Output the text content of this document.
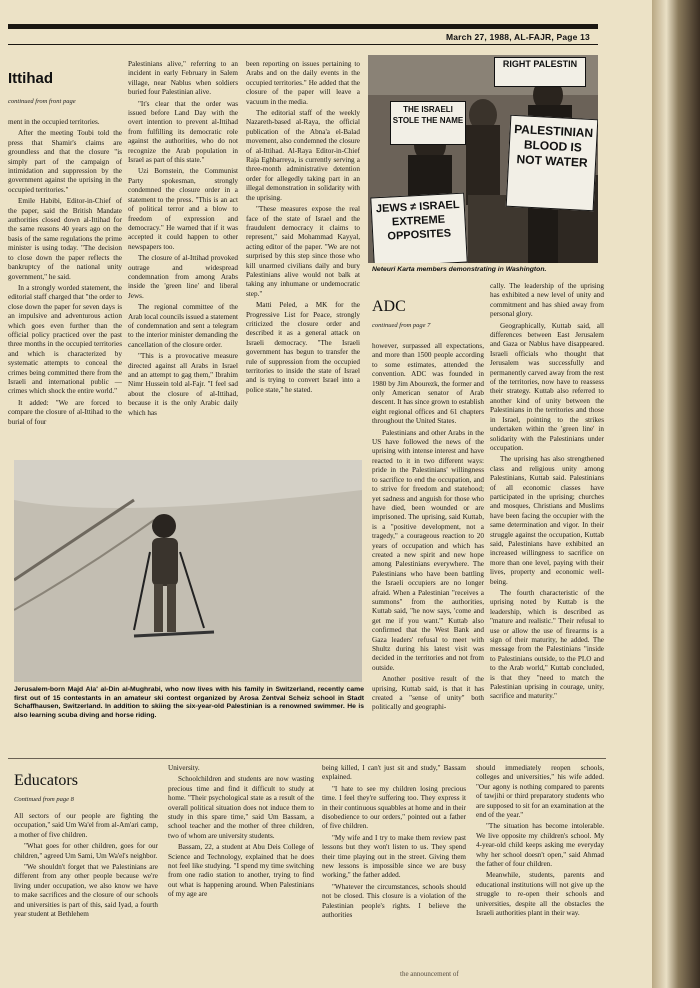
March 27, 1988, AL-FAJR, Page 13
Ittihad
continued from front page

ment in the occupied territories.

After the meeting Toubi told the press that Shamir's claims are groundless and that the closure "is simply part of the campaign of intimidation and suppression by the government against the uprising in the occupied territories."

Emile Habibi, Editor-in-Chief of the paper, said the British Mandate authorities closed down al-Ittihad for the same reasons 40 years ago on the basis of the same regulations the prime minister is using today. "The decision to close down the paper reflects the bankruptcy of the national unity government," he said.

In a strongly worded statement, the editorial staff charged that "the order to close down the paper for seven days is an impulsive and adventurous action which goes even further than the official policy practiced over the past three months in the occupied territories and which is characterized by systematic attempts to conceal the crimes being committed there from the Israeli and international public — crimes which shock the entire world."

It added: "We are forced to compare the closure of al-Ittihad to the burial of four

Palestinians alive," referring to an incident in early February in Salem village, near Nablus when soldiers buried four Palestinian alive.

"It's clear that the order was issued before Land Day with the overt intention to prevent al-Ittihad from fulfilling its democratic role against the authorities, who do not recognize the Arab population in Israel as part of this state."

Uzi Bornstein, the Communist Party spokesman, strongly condemned the closure order in a statement to the press. "This is an act of political terror and a blow to freedom of expression and democracy." He warned that if it was accepted it could happen to other newspapers too.

The closure of al-Ittihad provoked outrage and widespread condemnation from among Arabs inside the 'green line' and liberal Jews.

The regional committee of the Arab local councils issued a statement of condemnation and sent a telegram to the interior minister demanding the cancellation of the closure order.

"This is a provocative measure directed against all Arabs in Israel and an attempt to gag them," Ibrahim Nimr Hussein told al-Fajr. "I feel sad about the closure of al-Ittihad, because it is the only Arabic daily which has

been reporting on issues pertaining to Arabs and on the daily events in the occupied territories." He added that the closure of the paper will leave a vacuum in the media.

The editorial staff of the weekly Nazareth-based al-Raya, the official publication of the Abna'a el-Balad movement, also condemned the closure of al-Ittihad. Al-Raya Editor-in-Chief Raja Eghbarreya, is currently serving a three-month administrative detention order for allegedly taking part in an illegal demonstration in solidarity with the uprising.

"These measures expose the real face of the state of Israel and the fraudulent democracy it claims to represent," said Mohammad Kayyal, acting editor of the paper. "We are not surprised by this step since those who kill unarmed civilians daily and bury Palestinians alive would not balk at taking any inhumane or undemocratic step."

Matti Peled, a MK for the Progressive List for Peace, strongly criticized the closure order and described it as a general attack on Israeli democracy. "The Israeli government has begun to transfer the rule of suppression from the occupied territories to inside the state of Israel and is trying to convert Israel into a police state," he stated.

JEWS ≠ ISRAEL EXTREME OPPOSITES
PALESTINIAN BLOOD IS NOT WATER
THE ISRAELI STOLE THE NAME
RIGHT PALESTIN
Neteuri Karta members demonstrating in Washington.
ADC
continued from page 7

however, surpassed all expectations, and more than 1500 people according to some estimates, attended the convention. ADC was founded in 1980 by Jim Abourezk, the former and only American senator of Arab descent. It has since grown to establish eight regional offices and 61 chapters throughout the United States.

Palestinians and other Arabs in the US have followed the news of the uprising with intense interest and have reacted to it in two different ways: pride in the Palestinians' willingness to sacrifice to end the occupation, and to strive for freedom and statehood; yet sadness and anguish for those who have died, been wounded or are imprisoned. The uprising, said Kuttab, is a "positive development, not a tragedy," a courageous reaction to 20 years of occupation and which has created a new spirit and new hope among Palestinians everywhere. The Palestinians who have been battling the Israeli occupiers are no longer afraid. When a Palestinian "receives a summons" from the authorities, Kuttab said, "he now says, 'come and get me if you want.'" Kuttab also confirmed that the West Bank and Gaza leaders' refusal to meet with Shultz during his latest visit was decided in the territories and not from outside.

Another positive result of the uprising, Kuttab said, is that it has created a "sense of unity" both politically and geographi-

cally. The leadership of the uprising has exhibited a new level of unity and commitment and has shied away from personal glory.

Geographically, Kuttab said, all differences between East Jerusalem and Gaza or Nablus have disappeared. Israeli officials who thought that Jerusalem was successfully and permanently carved away from the rest of the territories, now have to reassess their strategy. Kuttab also referred to another kind of unity between the Palestinians in the territories and those in Israel, pointing to the strikes undertaken within the 'green line' in solidarity with the Palestinians under occupation.

The uprising has also strengthened class and religious unity among Palestinians, Kuttab said. Palestinians of all economic classes have participated in the uprising; churches and mosques, Christians and Muslims have been facing the occupier with the same determination and vigor. In their struggle against the occupation, Kuttab said, Palestinians have exhibited an increased willingness to sacrifice on more than one level, paying with their lives, property and economic well-being.

The fourth characteristic of the uprising noted by Kuttab is the leadership, which is described as "mature and realistic." Their refusal to use or allow the use of firearms is a sign of their maturity, he added. The message from the Palestinians "inside to Palestinians outside, to the PLO and to the Arab world," Kuttab concluded, is that they "need to match the Palestinian uprising in courage, unity, sacrifice and maturity."

Jerusalem-born Majd Ala' al-Din al-Mughrabi, who now lives with his family in Switzerland, recently came first out of 15 contestants in an amateur ski contest organized by Arosa Zentval Scheiz school in Stadt Schaffhausen, Switzerland. In addition to skiing the six-year-old Palestinian is a renowned swimmer. He is also learning scuba diving and horse riding.
Educators
Continued from page 8

All sectors of our people are fighting the occupation," said Um Wa'el from al-Am'ari camp, a mother of five children.

"What goes for other children, goes for our children," agreed Um Sami, Um Wa'el's neighbor.

"We shouldn't forget that we Palestinians are different from any other people because we're living under occupation, we also know we have to make sacrifices and the closure of our schools and universities is part of this, said Iyad, a fourth year student at Bethlehem

University.

Schoolchildren and students are now wasting precious time and find it difficult to study at home. "Their psychological state as a result of the overall political situation does not induce them to study in this spare time," said Um Bassam, a school teacher and the mother of three children, two of whom are university students.

Bassam, 22, a student at Abu Deis College of Science and Technology, explained that he does not feel like studying. "I spend my time switching from one radio station to another, trying to find out what is happening around. When Palestinians of my age are

being killed, I can't just sit and study," Bassam explained.

"I hate to see my children losing precious time. I feel they're suffering too. They express it in their continuous squabbles at home and in their disobedience to our orders," pointed out a father of five children.

"My wife and I try to make them review past lessons but they won't listen to us. They spend their time playing out in the street. Giving them new lessons is impossible since we are busy working," the father added.

"Whatever the circumstances, schools should not be closed. This closure is a violation of the Palestinian people's rights. I believe the authorities

should immediately reopen schools, colleges and universities," his wife added. "Our agony is nothing compared to parents of tawjihi or third preparatory students who are supposed to sit for an examination at the end of the year."

"The situation has become intolerable. We live opposite my children's school. My 4-year-old child keeps asking me everyday why her school doesn't open," said Ahmad the father of four children.

Meanwhile, students, parents and educational institutions will not give up the struggle to re-open their schools and universities, despite all the obstacles the Israeli authorities plant in their way.

the announcement of
